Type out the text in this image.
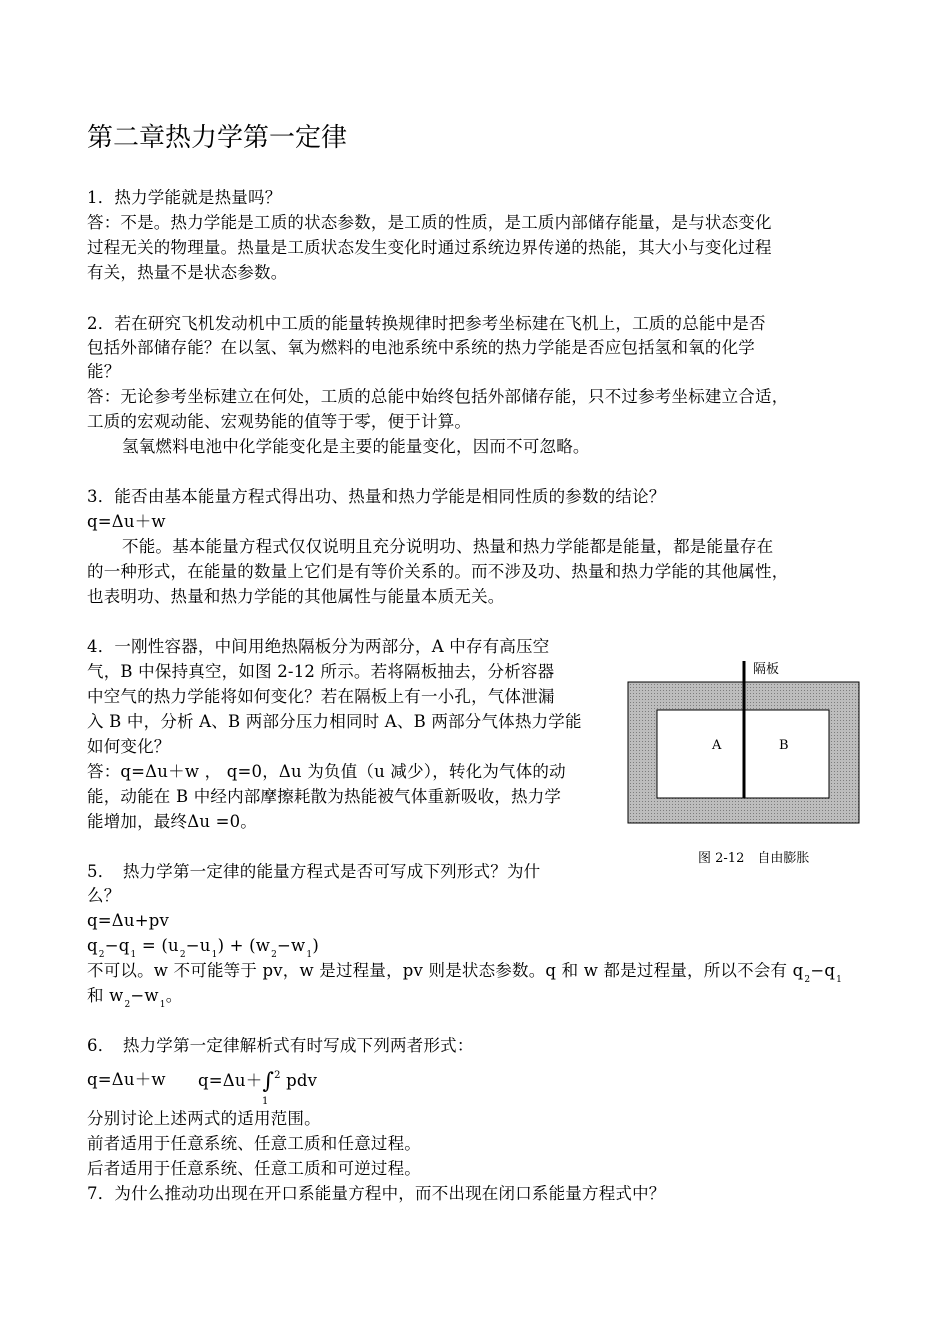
第二章热力学第一定律
1．热力学能就是热量吗？
答：不是。热力学能是工质的状态参数，是工质的性质，是工质内部储存能量，是与状态变化
过程无关的物理量。热量是工质状态发生变化时通过系统边界传递的热能，其大小与变化过程
有关，热量不是状态参数。
2．若在研究飞机发动机中工质的能量转换规律时把参考坐标建在飞机上，工质的总能中是否
包括外部储存能？在以氢、氧为燃料的电池系统中系统的热力学能是否应包括氢和氧的化学
能？
答：无论参考坐标建立在何处，工质的总能中始终包括外部储存能，只不过参考坐标建立合适，
工质的宏观动能、宏观势能的值等于零，便于计算。
氢氧燃料电池中化学能变化是主要的能量变化，因而不可忽略。
3．能否由基本能量方程式得出功、热量和热力学能是相同性质的参数的结论？
q=Δu＋w
不能。基本能量方程式仅仅说明且充分说明功、热量和热力学能都是能量，都是能量存在
的一种形式，在能量的数量上它们是有等价关系的。而不涉及功、热量和热力学能的其他属性，
也表明功、热量和热力学能的其他属性与能量本质无关。
4．一刚性容器，中间用绝热隔板分为两部分，A 中存有高压空
气，B 中保持真空，如图 2-12 所示。若将隔板抽去，分析容器
中空气的热力学能将如何变化？若在隔板上有一小孔，气体泄漏
入 B 中，分析 A、B 两部分压力相同时 A、B 两部分气体热力学能
如何变化？
答：q=Δu＋w ， q=0，Δu 为负值（u 减少），转化为气体的动
能，动能在 B 中经内部摩擦耗散为热能被气体重新吸收，热力学
能增加，最终Δu =0。
隔板
A	B
图 2-12　自由膨胀
5．　热力学第一定律的能量方程式是否可写成下列形式？为什
么？
q=Δu+pv
$q_2-q_1 = (u_2-u_1) + (w_2-w_1)$
不可以。w 不可能等于 pv，w 是过程量，pv 则是状态参数。q 和 w 都是过程量，所以不会有 $q_2-q_1$
和 $w_2-w_1$。
6．　热力学第一定律解析式有时写成下列两者形式：
q=Δu＋w q=Δu＋∫$^2$ pdv
1
分别讨论上述两式的适用范围。
前者适用于任意系统、任意工质和任意过程。
后者适用于任意系统、任意工质和可逆过程。
7．为什么推动功出现在开口系能量方程中，而不出现在闭口系能量方程式中？
